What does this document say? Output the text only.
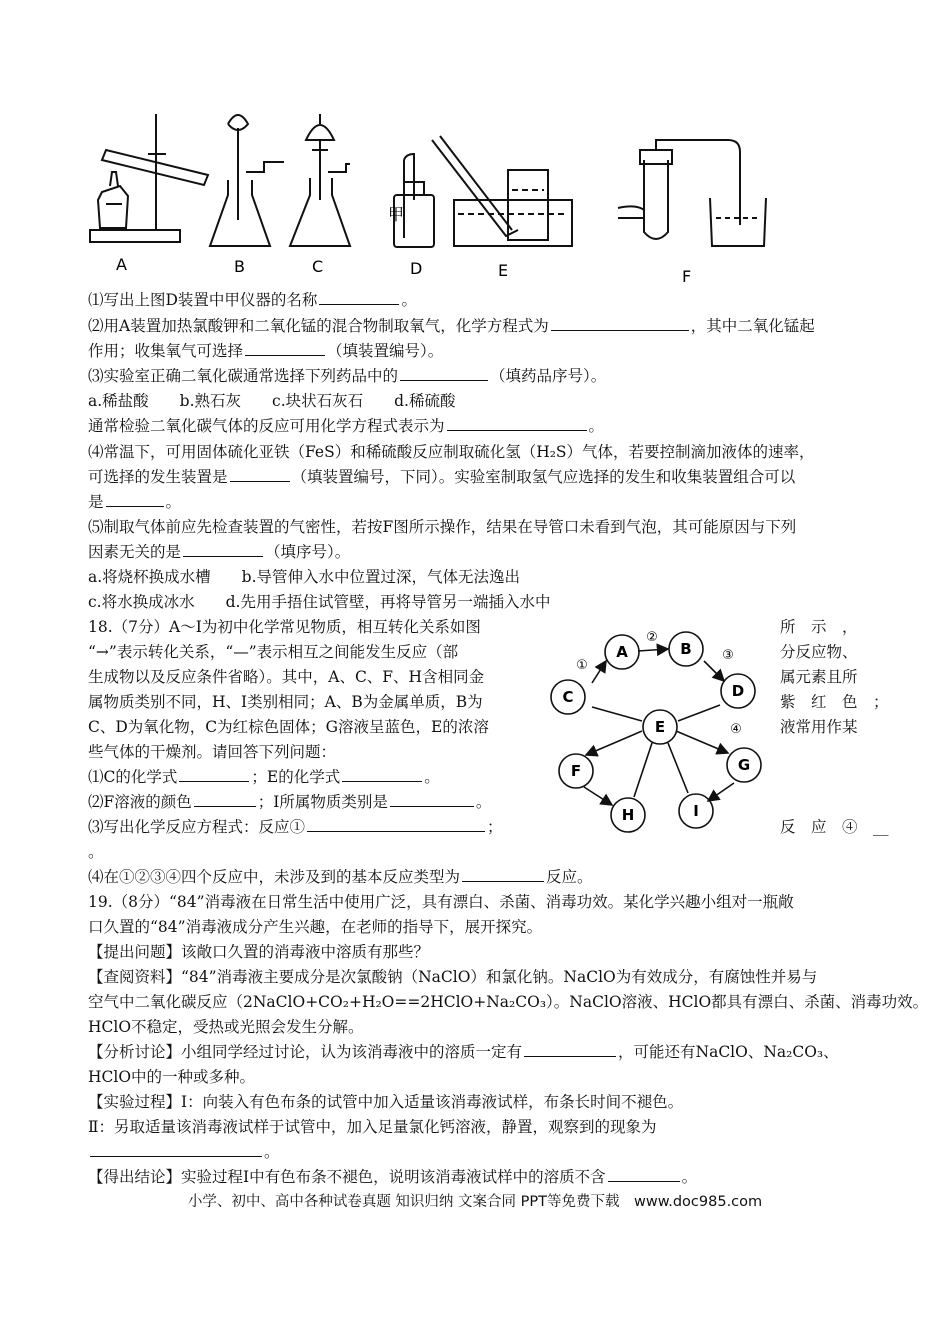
A	B	C
甲
D	E	F
⑴写出上图D装置中甲仪器的名称	。
⑵用A装置加热氯酸钾和二氧化锰的混合物制取氧气，化学方程式为	，其中二氧化锰起
作用；收集氧气可选择	（填装置编号）。
⑶实验室正确二氧化碳通常选择下列药品中的	（填药品序号）。
a.稀盐酸　　b.熟石灰　　c.块状石灰石　　d.稀硫酸
通常检验二氧化碳气体的反应可用化学方程式表示为	。
⑷常温下，可用固体硫化亚铁（FeS）和稀硫酸反应制取硫化氢（H₂S）气体，若要控制滴加液体的速率，
可选择的发生装置是	（填装置编号，下同）。实验室制取氢气应选择的发生和收集装置组合可以
是	。
⑸制取气体前应先检查装置的气密性，若按F图所示操作，结果在导管口未看到气泡，其可能原因与下列
因素无关的是	（填序号）。
a.将烧杯换成水槽　　b.导管伸入水中位置过深，气体无法逸出
c.将水换成冰水　　d.先用手捂住试管壁，再将导管另一端插入水中
18.（7分）A～I为初中化学常见物质，相互转化关系如图	所　示　，
“→”表示转化关系，“—”表示相互之间能发生反应（部	分反应物、
生成物以及反应条件省略）。其中，A、C、F、H含相同金	属元素且所
属物质类别不同，H、I类别相同；A、B为金属单质，B为	紫　红　色　；
C、D为氧化物，C为红棕色固体；G溶液呈蓝色，E的浓溶	液常用作某
些气体的干燥剂。请回答下列问题：
⑴C的化学式	；E的化学式	。
⑵F溶液的颜色	；I所属物质类别是	。
⑶写出化学反应方程式：反应①	；	反　应　④　__
。
⑷在①②③④四个反应中，未涉及到的基本反应类型为	反应。
A	B
C	D
E
F	G
H	I
①
②
③
④
19.（8分）“84”消毒液在日常生活中使用广泛，具有漂白、杀菌、消毒功效。某化学兴趣小组对一瓶敞
口久置的“84”消毒液成分产生兴趣，在老师的指导下，展开探究。
【提出问题】该敞口久置的消毒液中溶质有那些？
【查阅资料】“84”消毒液主要成分是次氯酸钠（NaClO）和氯化钠。NaClO为有效成分，有腐蚀性并易与
空气中二氧化碳反应（2NaClO+CO₂+H₂O==2HClO+Na₂CO₃）。NaClO溶液、HClO都具有漂白、杀菌、消毒功效。
HClO不稳定，受热或光照会发生分解。
【分析讨论】小组同学经过讨论，认为该消毒液中的溶质一定有	，可能还有NaClO、Na₂CO₃、
HClO中的一种或多种。
【实验过程】Ⅰ：向装入有色布条的试管中加入适量该消毒液试样，布条长时间不褪色。
Ⅱ：另取适量该消毒液试样于试管中，加入足量氯化钙溶液，静置，观察到的现象为
。
【得出结论】实验过程Ⅰ中有色布条不褪色，说明该消毒液试样中的溶质不含	。
小学、初中、高中各种试卷真题 知识归纳 文案合同 PPT等免费下载　www.doc985.com
